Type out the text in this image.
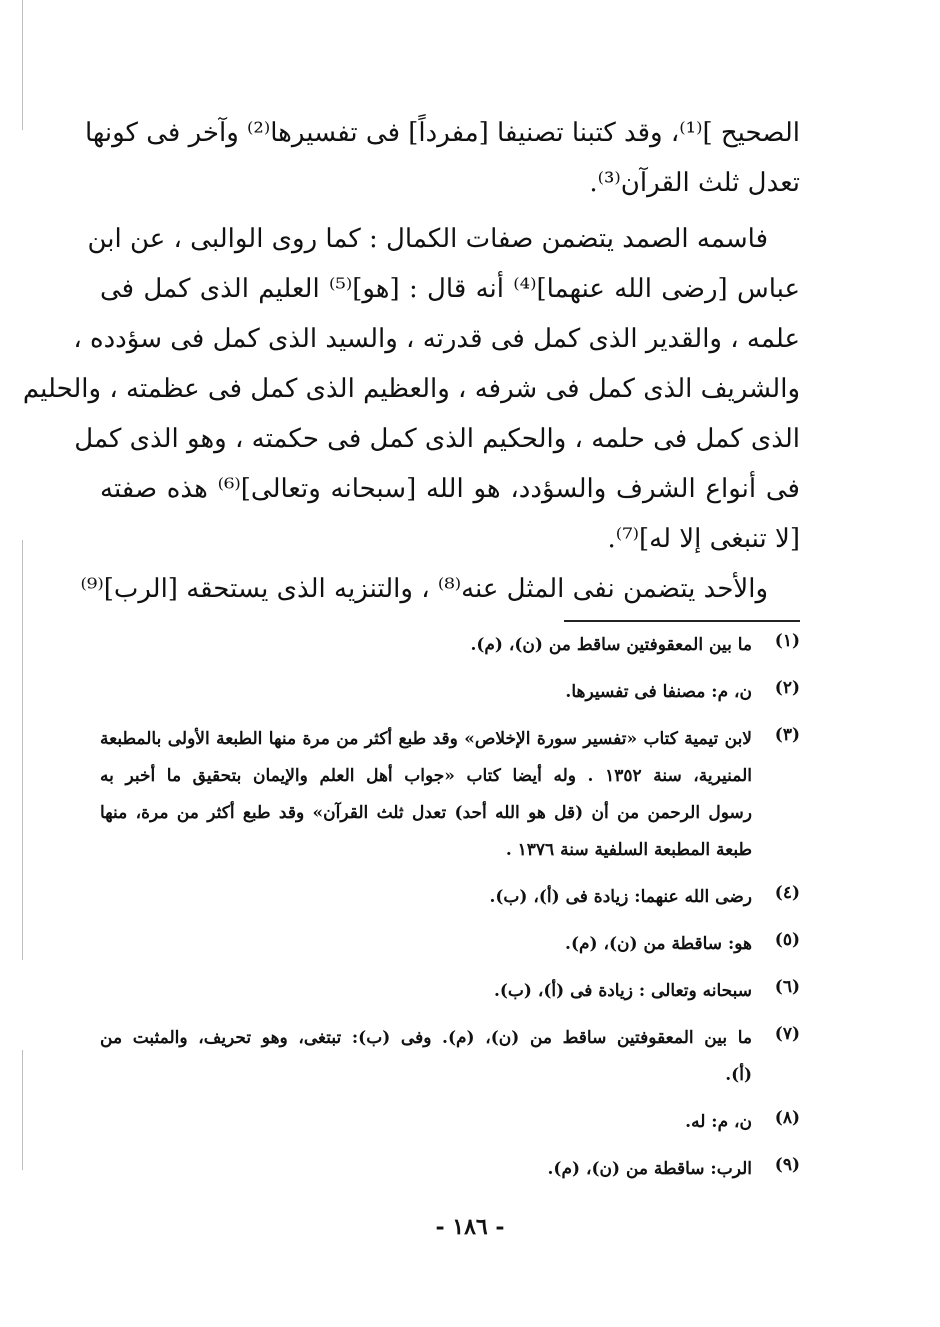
الصحيح ]⁽¹⁾، وقد كتبنا تصنيفا [مفرداً] فى تفسيرها⁽²⁾ وآخر فى كونها
تعدل ثلث القرآن⁽³⁾.
فاسمه الصمد يتضمن صفات الكمال : كما روى الوالبى ، عن ابن
عباس [رضى الله عنهما]⁽⁴⁾ أنه قال : [هو]⁽⁵⁾ العليم الذى كمل فى
علمه ، والقدير الذى كمل فى قدرته ، والسيد الذى كمل فى سؤدده ،
والشريف الذى كمل فى شرفه ، والعظيم الذى كمل فى عظمته ، والحليم
الذى كمل فى حلمه ، والحكيم الذى كمل فى حكمته ، وهو الذى كمل
فى أنواع الشرف والسؤدد، هو الله [سبحانه وتعالى]⁽⁶⁾ هذه صفته
[لا تنبغى إلا له]⁽⁷⁾.
والأحد يتضمن نفى المثل عنه⁽⁸⁾ ، والتنزيه الذى يستحقه [الرب]⁽⁹⁾
(١)
ما بين المعقوفتين ساقط من (ن)، (م).
(٢)
ن، م: مصنفا فى تفسيرها.
(٣)
لابن تيمية كتاب «تفسير سورة الإخلاص» وقد طبع أكثر من مرة منها الطبعة الأولى بالمطبعة
المنيرية، سنة ١٣٥٢ . وله أيضا كتاب «جواب أهل العلم والإيمان بتحقيق ما أخبر به
رسول الرحمن من أن (قل هو الله أحد) تعدل ثلث القرآن» وقد طبع أكثر من مرة، منها
طبعة المطبعة السلفية سنة ١٣٧٦ .
(٤)
رضى الله عنهما: زيادة فى (أ)، (ب).
(٥)
هو: ساقطة من (ن)، (م).
(٦)
سبحانه وتعالى : زيادة فى (أ)، (ب).
(٧)
ما بين المعقوفتين ساقط من (ن)، (م). وفى (ب): تبتغى، وهو تحريف، والمثبت من
(أ).
(٨)
ن، م: له.
(٩)
الرب: ساقطة من (ن)، (م).
- ١٨٦ -
